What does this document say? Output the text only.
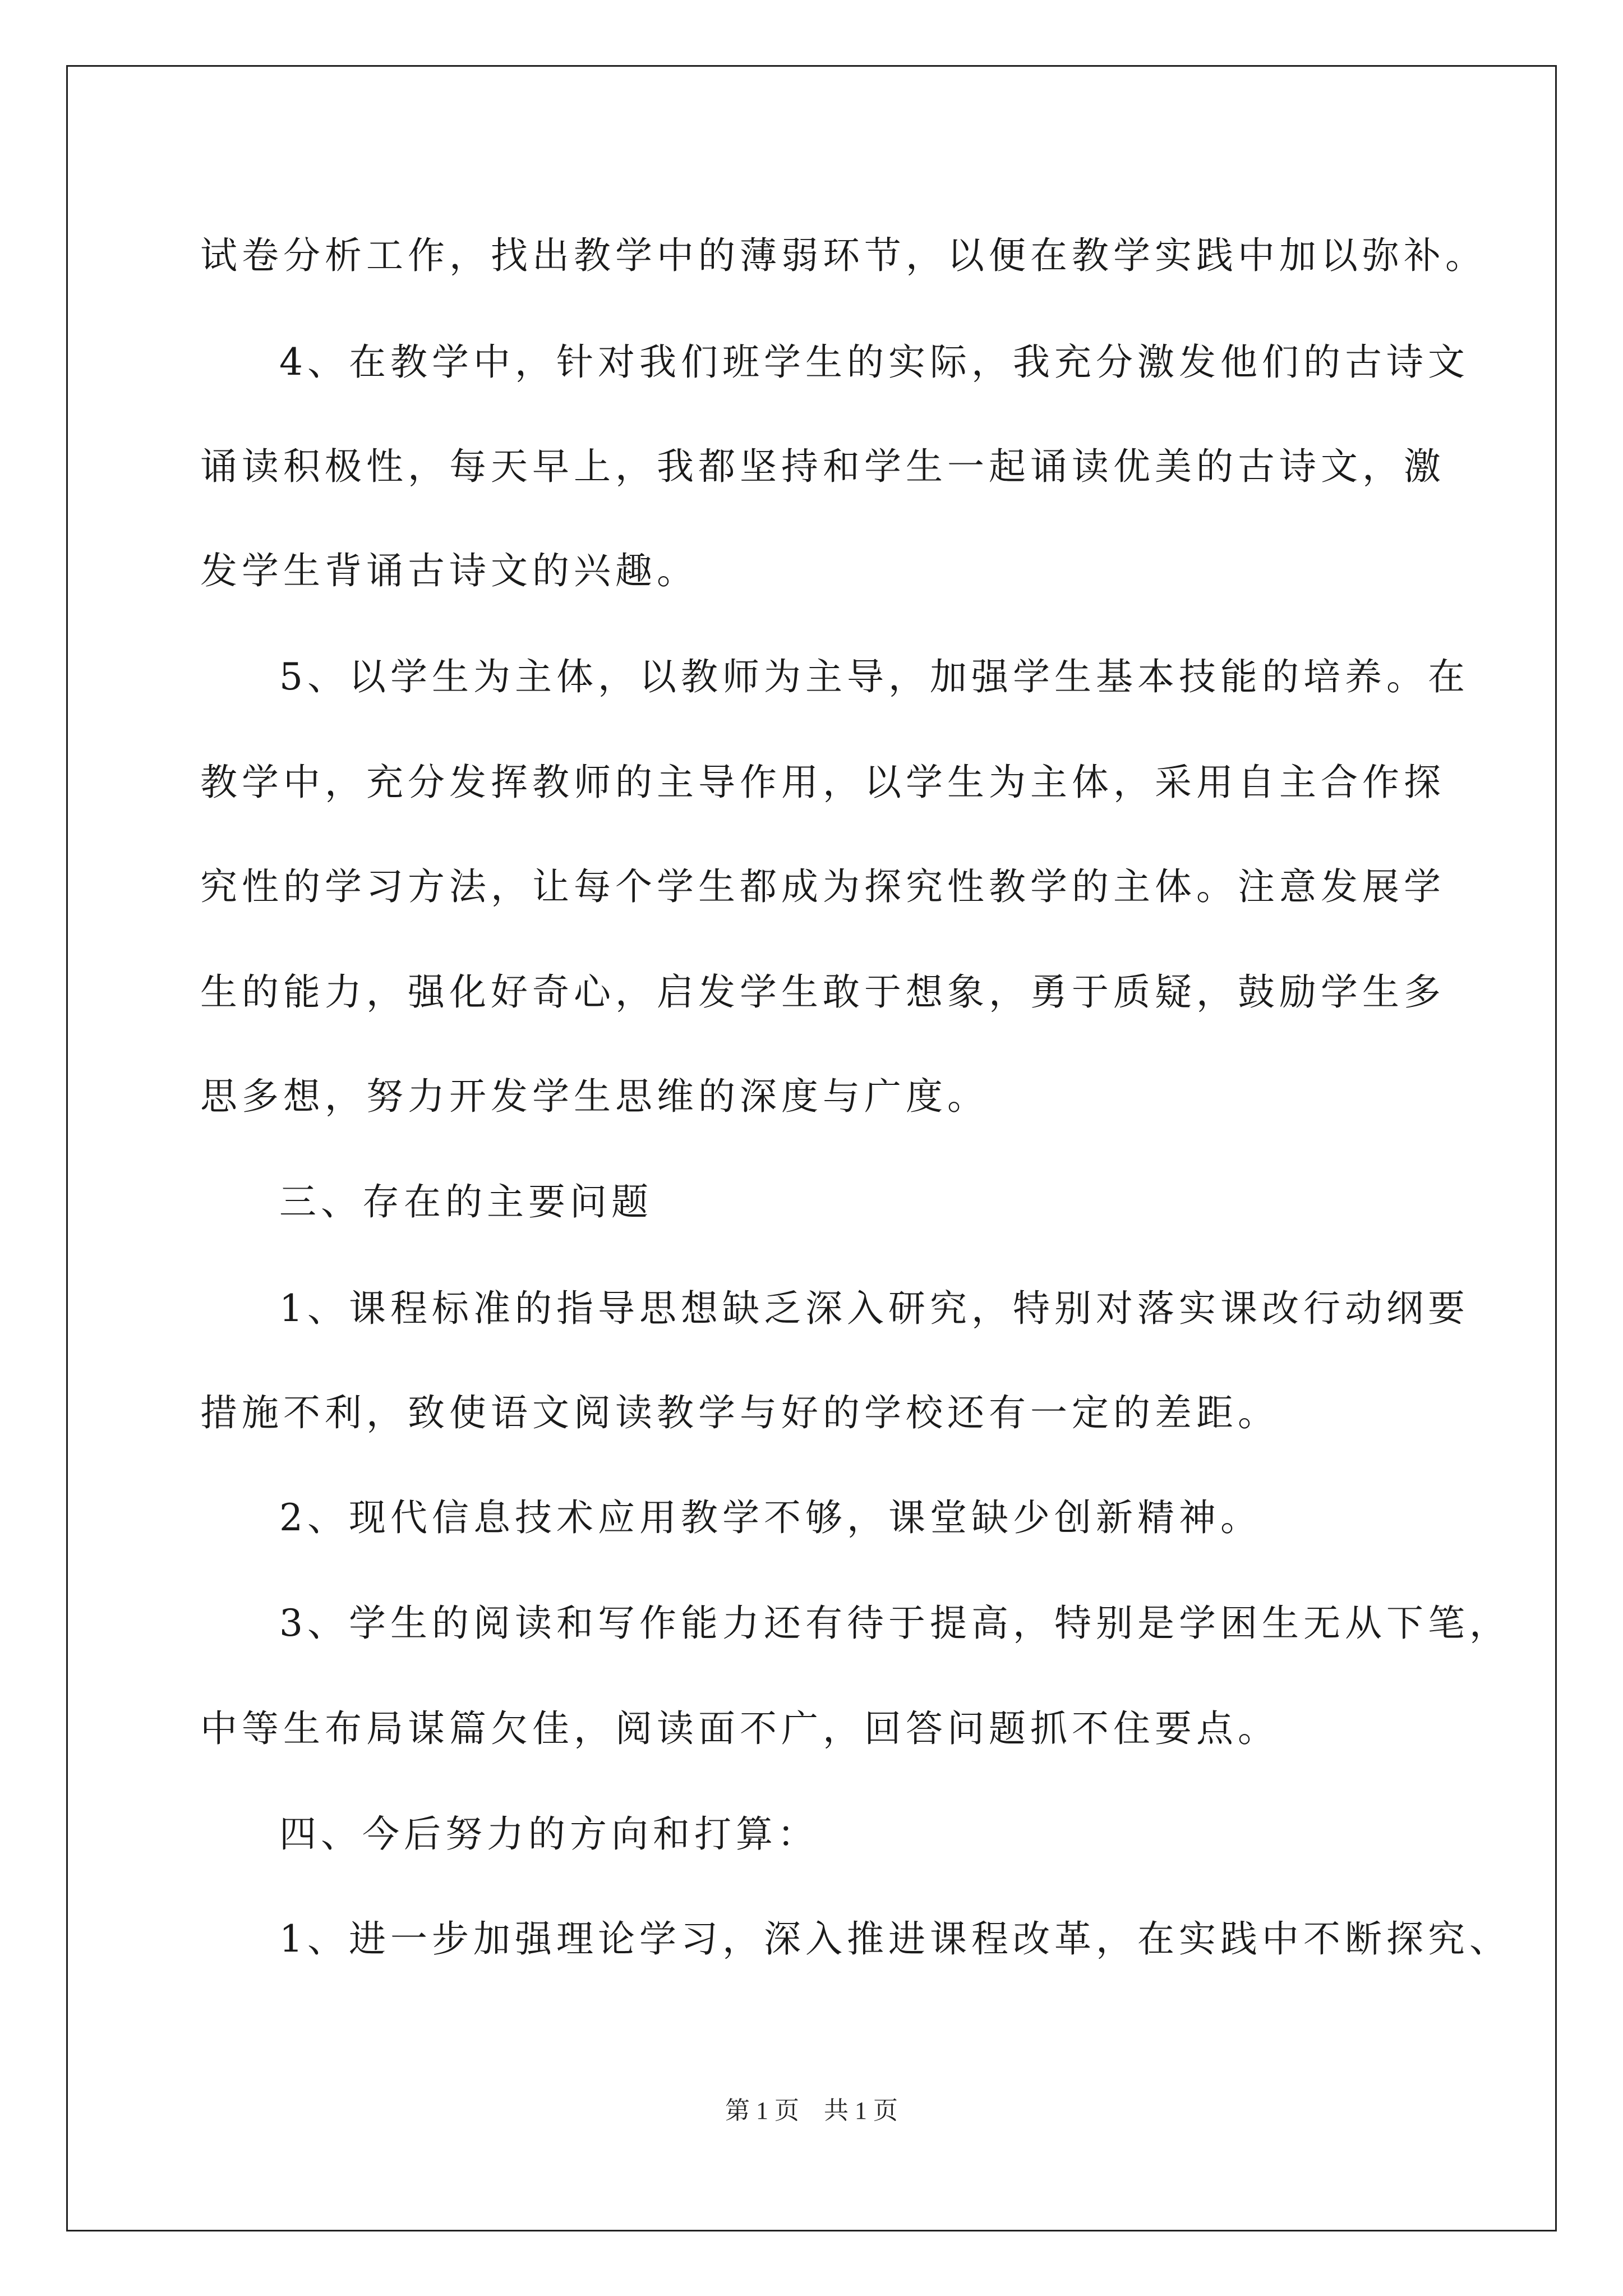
试卷分析工作，找出教学中的薄弱环节，以便在教学实践中加以弥补。

4、在教学中，针对我们班学生的实际，我充分激发他们的古诗文

诵读积极性，每天早上，我都坚持和学生一起诵读优美的古诗文，激

发学生背诵古诗文的兴趣。

5、以学生为主体，以教师为主导，加强学生基本技能的培养。在

教学中，充分发挥教师的主导作用，以学生为主体，采用自主合作探

究性的学习方法，让每个学生都成为探究性教学的主体。注意发展学

生的能力，强化好奇心，启发学生敢于想象，勇于质疑，鼓励学生多

思多想，努力开发学生思维的深度与广度。

三、存在的主要问题

1、课程标准的指导思想缺乏深入研究，特别对落实课改行动纲要

措施不利，致使语文阅读教学与好的学校还有一定的差距。

2、现代信息技术应用教学不够，课堂缺少创新精神。

3、学生的阅读和写作能力还有待于提高，特别是学困生无从下笔，

中等生布局谋篇欠佳，阅读面不广，回答问题抓不住要点。

四、今后努力的方向和打算：

1、进一步加强理论学习，深入推进课程改革，在实践中不断探究、

第 1 页　共 1 页
